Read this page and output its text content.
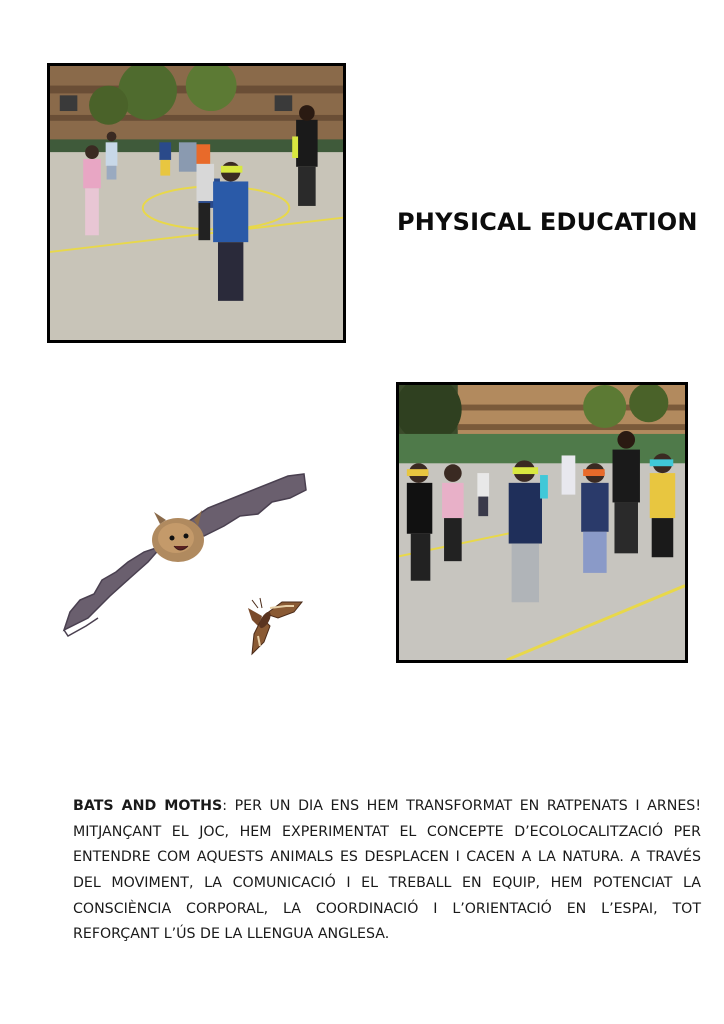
PHYSICAL EDUCATION

BATS AND MOTHS: PER UN DIA ENS HEM TRANSFORMAT EN RATPENATS I ARNES! MITJANÇANT EL JOC, HEM EXPERIMENTAT EL CONCEPTE D’ECOLOCALITZACIÓ PER ENTENDRE COM AQUESTS ANIMALS ES DESPLACEN I CACEN A LA NATURA. A TRAVÉS DEL MOVIMENT, LA COMUNICACIÓ I EL TREBALL EN EQUIP, HEM POTENCIAT LA CONSCIÈNCIA CORPORAL, LA COORDINACIÓ I L’ORIENTACIÓ EN L’ESPAI, TOT REFORÇANT L’ÚS DE LA LLENGUA ANGLESA.
